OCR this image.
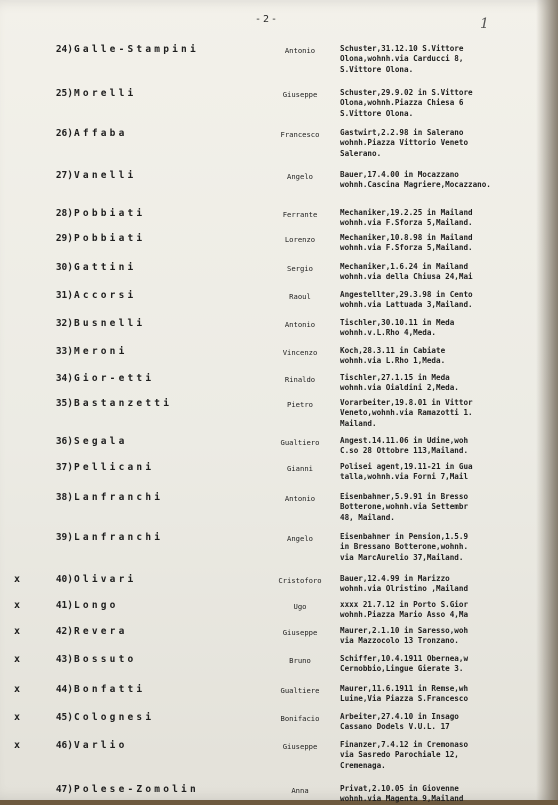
-2-	1
24) Galle-Stampini	Antonio	Schuster,31.12.10 S.Vittore
Olona,wohnh.via Carducci 8,
S.Vittore Olona.
25) Morelli	Giuseppe	Schuster,29.9.02 in S.Vittore
Olona,wohnh.Piazza Chiesa 6
S.Vittore Olona.
26) Affaba	Francesco	Gastwirt,2.2.98 in Salerano
wohnh.Piazza Vittorio Veneto
Salerano.
27) Vanelli	Angelo	Bauer,17.4.00 in Mocazzano
wohnh.Cascina Magriere,Mocazzano.
28) Pobbiati	Ferrante	Mechaniker,19.2.25 in Mailand
wohnh.via F.Sforza 5,Mailand.
29) Pobbiati	Lorenzo	Mechaniker,10.8.98 in Mailand
wohnh.via F.Sforza 5,Mailand.
30) Gattini	Sergio	Mechaniker,1.6.24 in Mailand
wohnh.via della Chiusa 24,Mai
31) Accorsi	Raoul	Angestellter,29.3.98 in Cento
wohnh.via Lattuada 3,Mailand.
32) Busnelli	Antonio	Tischler,30.10.11 in Meda
wohnh.v.L.Rho 4,Meda.
33) Meroni	Vincenzo	Koch,28.3.11 in Cabiate
wohnh.via L.Rho 1,Meda.
34) Gior-etti	Rinaldo	Tischler,27.1.15 in Meda
wohnh.via Oialdini 2,Meda.
35) Bastanzetti	Pietro	Vorarbeiter,19.8.01 in Vittor
Veneto,wohnh.via Ramazotti 1.
Mailand.
36) Segala	Gualtiero	Angest.14.11.06 in Udine,woh
C.so 28 Ottobre 113,Mailand.
37) Pellicani	Gianni	Polisei agent,19.11-21 in Gua
talla,wohnh.via Forni 7,Mail
38) Lanfranchi	Antonio	Eisenbahner,5.9.91 in Bresso
Botterone,wohnh.via Settembr
48, Mailand.
39) Lanfranchi	Angelo	Eisenbahner in Pension,1.5.9
in Bressano Botterone,wohnh.
via MarcAurelio 37,Mailand.
x	40) Olivari	Cristoforo	Bauer,12.4.99 in Marizzo
wohnh.via Olristino ,Mailand
x	41) Longo	Ugo	xxxx 21.7.12 in Porto S.Gior
wohnh.Piazza Mario Asso 4,Ma
x	42) Revera	Giuseppe	Maurer,2.1.10 in Saresso,woh
via Mazzocolo 13 Tronzano.
x	43) Bossuto	Bruno	Schiffer,10.4.1911 Obernea,w
Cernobbio,Lingue Gierate 3.
x	44) Bonfatti	Gualtiere	Maurer,11.6.1911 in Remse,wh
Luine,Via Piazza S.Francesco
x	45) Colognesi	Bonifacio	Arbeiter,27.4.10 in Insago
Cassano Dodels V.U.L. 17
x	46) Varlio	Giuseppe	Finanzer,7.4.12 in Cremonaso
via Sasredo Parochiale 12,
Cremenaga.
47) Polese-Zomolin	Anna	Privat,2.10.05 in Giovenne
wohnh.via Magenta 9,Mailand
